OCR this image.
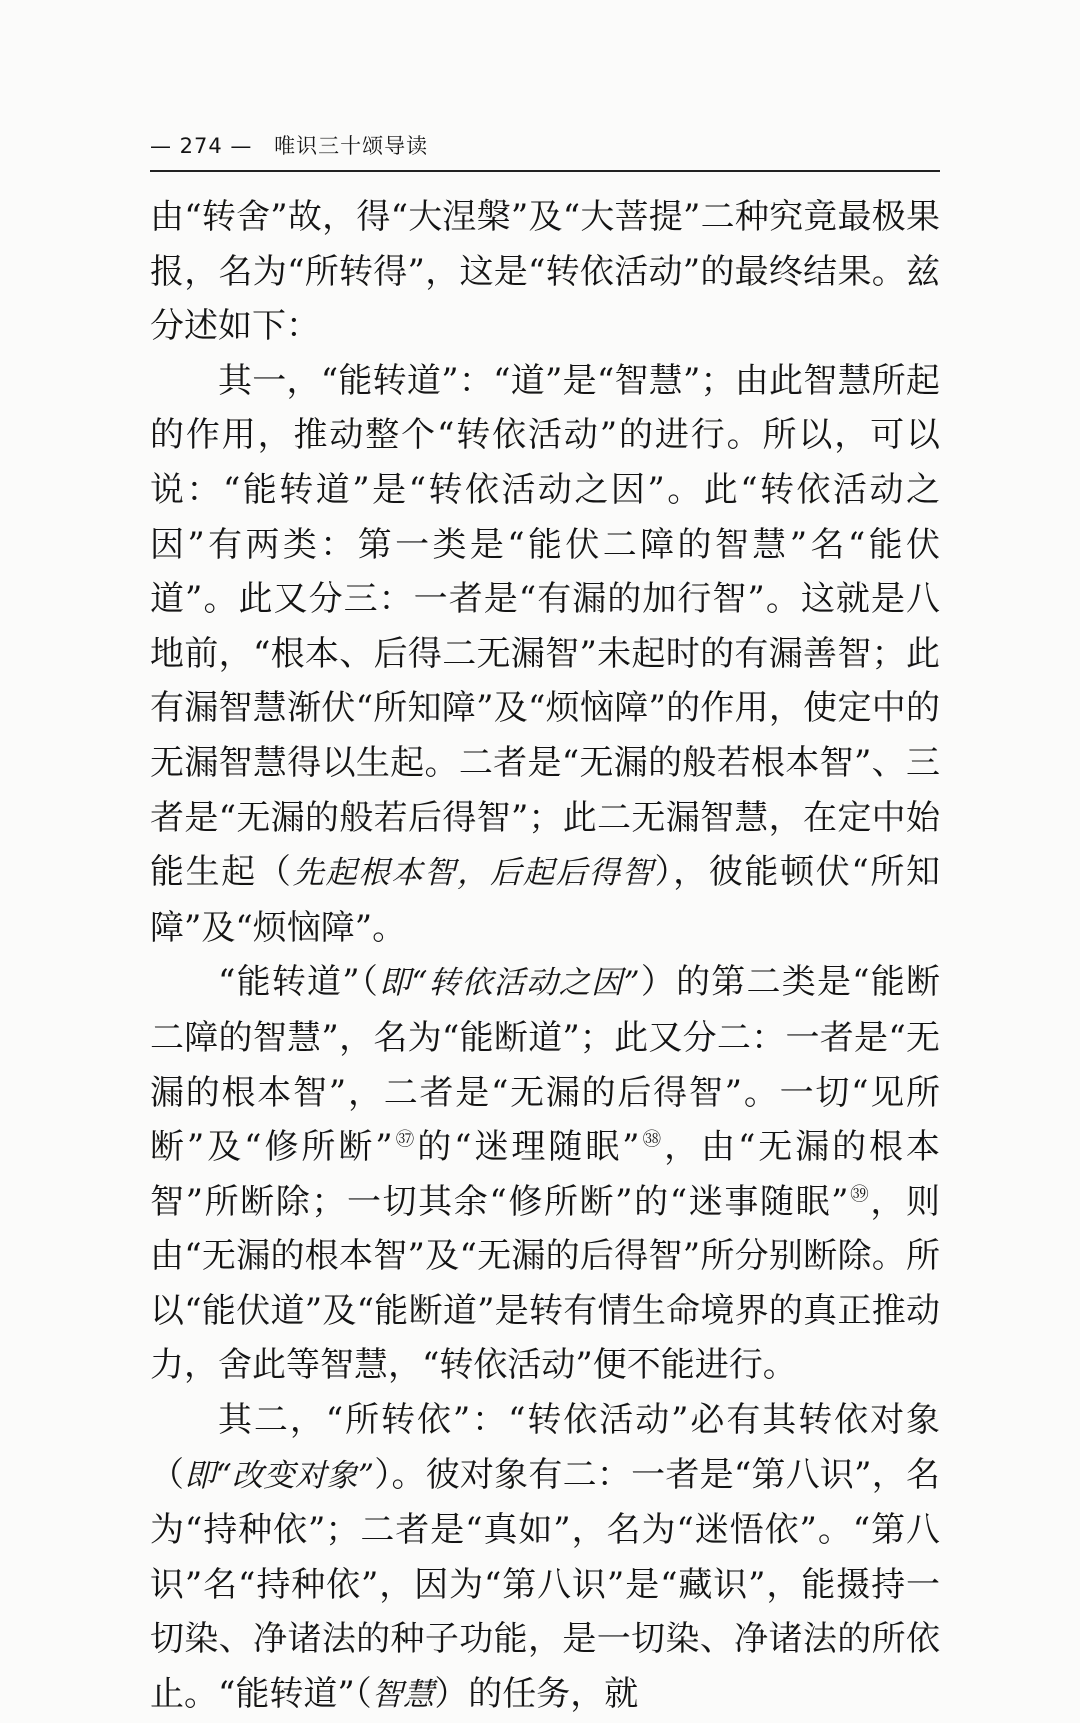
— 274 — 唯识三十颂导读

由“转舍”故，得“大涅槃”及“大菩提”二种究竟最极果报，名为“所转得”，这是“转依活动”的最终结果。兹分述如下：

其一，“能转道”：“道”是“智慧”；由此智慧所起的作用，推动整个“转依活动”的进行。所以，可以说：“能转道”是“转依活动之因”。此“转依活动之因”有两类：第一类是“能伏二障的智慧”名“能伏道”。此又分三：一者是“有漏的加行智”。这就是八地前，“根本、后得二无漏智”未起时的有漏善智；此有漏智慧渐伏“所知障”及“烦恼障”的作用，使定中的无漏智慧得以生起。二者是“无漏的般若根本智”、三者是“无漏的般若后得智”；此二无漏智慧，在定中始能生起（先起根本智，后起后得智），彼能顿伏“所知障”及“烦恼障”。

“能转道”（即“转依活动之因”）的第二类是“能断二障的智慧”，名为“能断道”；此又分二：一者是“无漏的根本智”，二者是“无漏的后得智”。一切“见所断”及“修所断”$^㊲$的“迷理随眠”$^㊳$，由“无漏的根本智”所断除；一切其余“修所断”的“迷事随眠”$^㊴$，则由“无漏的根本智”及“无漏的后得智”所分别断除。所以“能伏道”及“能断道”是转有情生命境界的真正推动力，舍此等智慧，“转依活动”便不能进行。

其二，“所转依”：“转依活动”必有其转依对象（即“改变对象”）。彼对象有二：一者是“第八识”，名为“持种依”；二者是“真如”，名为“迷悟依”。“第八识”名“持种依”，因为“第八识”是“藏识”，能摄持一切染、净诸法的种子功能，是一切染、净诸法的所依止。“能转道”（智慧）的任务，就
